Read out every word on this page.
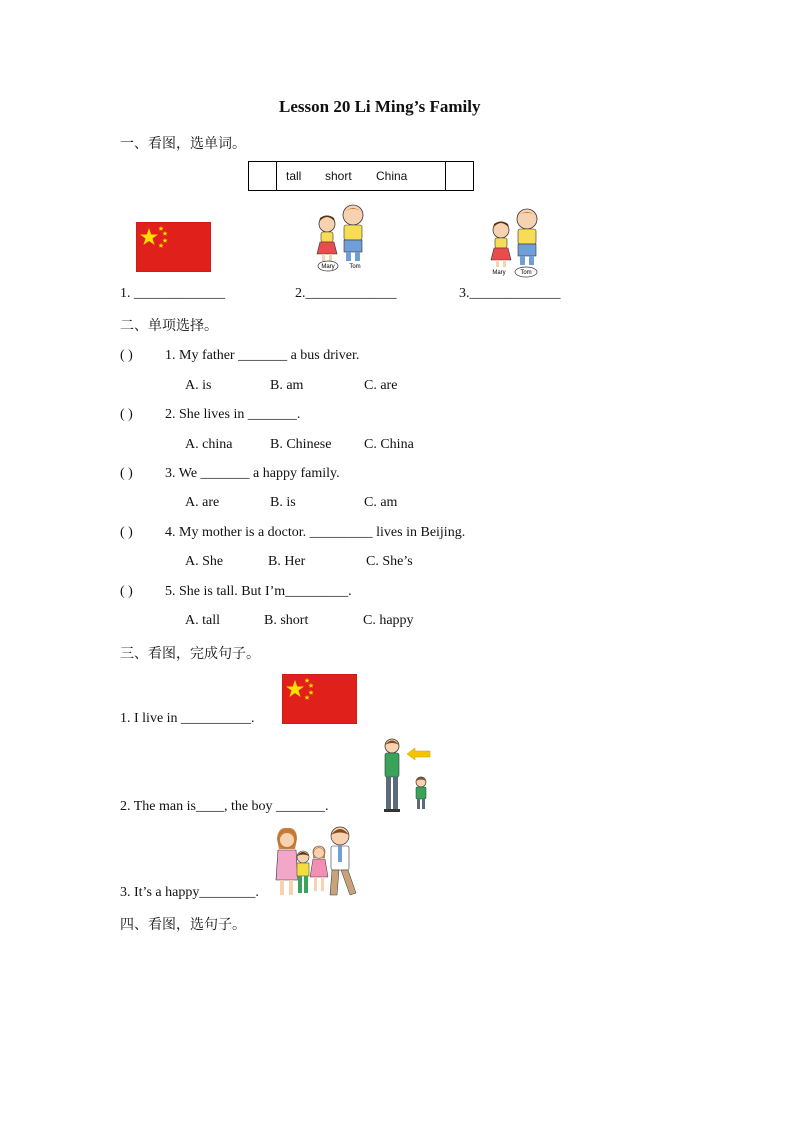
Lesson 20 Li Ming’s Family
一、看图，选单词。
tall short China
Mary Tom
Mary Tom
1. _____________	2._____________	3._____________
二、单项选择。
( ) 1. My father _______ a bus driver.
A. is	B. am	C. are
( ) 2. She lives in _______.
A. china	B. Chinese C. China
( ) 3. We _______ a happy family.
A. are	B. is	C. am
( ) 4. My mother is a doctor. _________ lives in Beijing.
A. She	B. Her	C. She’s
( ) 5. She is tall. But I’m_________.
A. tall	B. short	C. happy
三、看图，完成句子。
1. I live in __________.
2. The man is____, the boy _______.
3. It’s a happy________.
四、看图，选句子。
